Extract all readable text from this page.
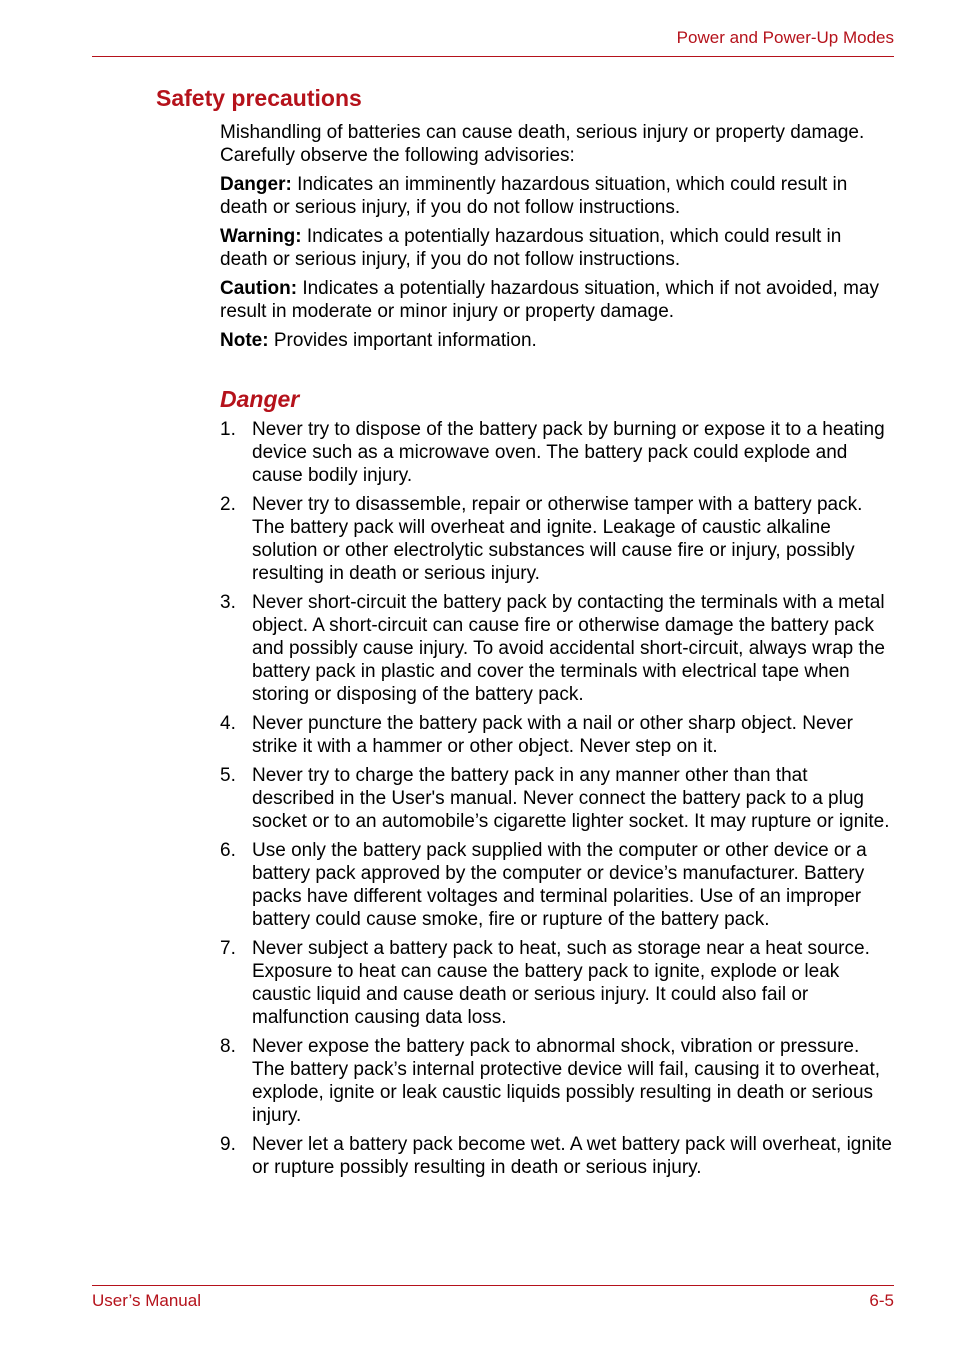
Power and Power-Up Modes
Safety precautions

Mishandling of batteries can cause death, serious injury or property damage. Carefully observe the following advisories:

Danger: Indicates an imminently hazardous situation, which could result in death or serious injury, if you do not follow instructions.

Warning: Indicates a potentially hazardous situation, which could result in death or serious injury, if you do not follow instructions.

Caution: Indicates a potentially hazardous situation, which if not avoided, may result in moderate or minor injury or property damage.

Note: Provides important information.

Danger
1. Never try to dispose of the battery pack by burning or expose it to a heating device such as a microwave oven. The battery pack could explode and cause bodily injury.
2. Never try to disassemble, repair or otherwise tamper with a battery pack. The battery pack will overheat and ignite. Leakage of caustic alkaline solution or other electrolytic substances will cause fire or injury, possibly resulting in death or serious injury.
3. Never short-circuit the battery pack by contacting the terminals with a metal object. A short-circuit can cause fire or otherwise damage the battery pack and possibly cause injury. To avoid accidental short-circuit, always wrap the battery pack in plastic and cover the terminals with electrical tape when storing or disposing of the battery pack.
4. Never puncture the battery pack with a nail or other sharp object. Never strike it with a hammer or other object. Never step on it.
5. Never try to charge the battery pack in any manner other than that described in the User's manual. Never connect the battery pack to a plug socket or to an automobile’s cigarette lighter socket. It may rupture or ignite.
6. Use only the battery pack supplied with the computer or other device or a battery pack approved by the computer or device’s manufacturer. Battery packs have different voltages and terminal polarities. Use of an improper battery could cause smoke, fire or rupture of the battery pack.
7. Never subject a battery pack to heat, such as storage near a heat source. Exposure to heat can cause the battery pack to ignite, explode or leak caustic liquid and cause death or serious injury. It could also fail or malfunction causing data loss.
8. Never expose the battery pack to abnormal shock, vibration or pressure. The battery pack’s internal protective device will fail, causing it to overheat, explode, ignite or leak caustic liquids possibly resulting in death or serious injury.
9. Never let a battery pack become wet. A wet battery pack will overheat, ignite or rupture possibly resulting in death or serious injury.
User’s Manual	6-5
